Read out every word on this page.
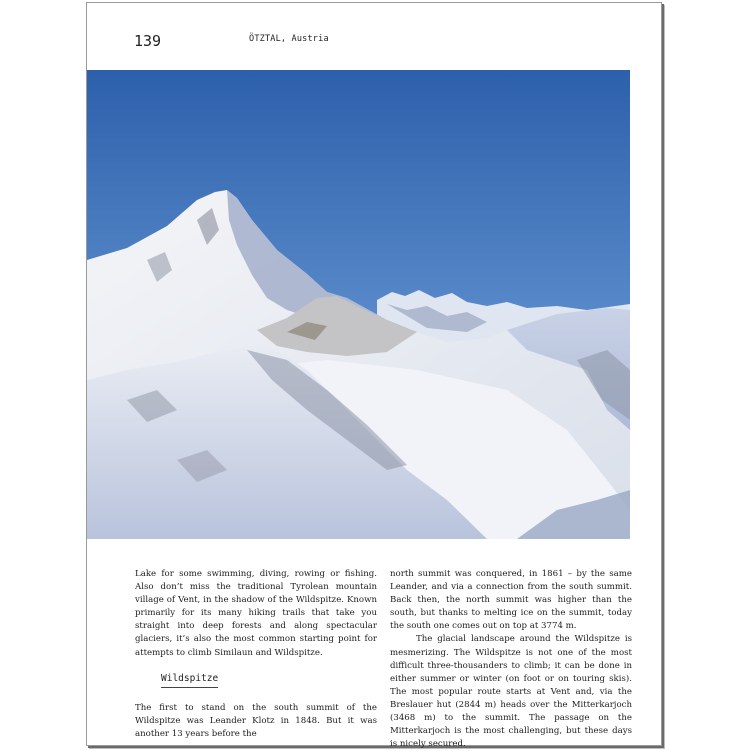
139	ÖTZTAL, Austria

Lake for some swimming, diving, rowing or fishing. Also don’t miss the traditional Tyrolean mountain village of Vent, in the shadow of the Wildspitze. Known primarily for its many hiking trails that take you straight into deep forests and along spectacular glaciers, it’s also the most common starting point for attempts to climb Similaun and Wildspitze.

Wildspitze

The first to stand on the south summit of the Wildspitze was Leander Klotz in 1848. But it was another 13 years before the

north summit was conquered, in 1861 – by the same Leander, and via a connection from the south summit. Back then, the north summit was higher than the south, but thanks to melting ice on the summit, today the south one comes out on top at 3774 m.

The glacial landscape around the Wildspitze is mesmerizing. The Wildspitze is not one of the most difficult three-thousanders to climb; it can be done in either summer or winter (on foot or on touring skis). The most popular route starts at Vent and, via the Breslauer hut (2844 m) heads over the Mitterkarjoch (3468 m) to the summit. The passage on the Mitterkarjoch is the most challenging, but these days is nicely secured.
